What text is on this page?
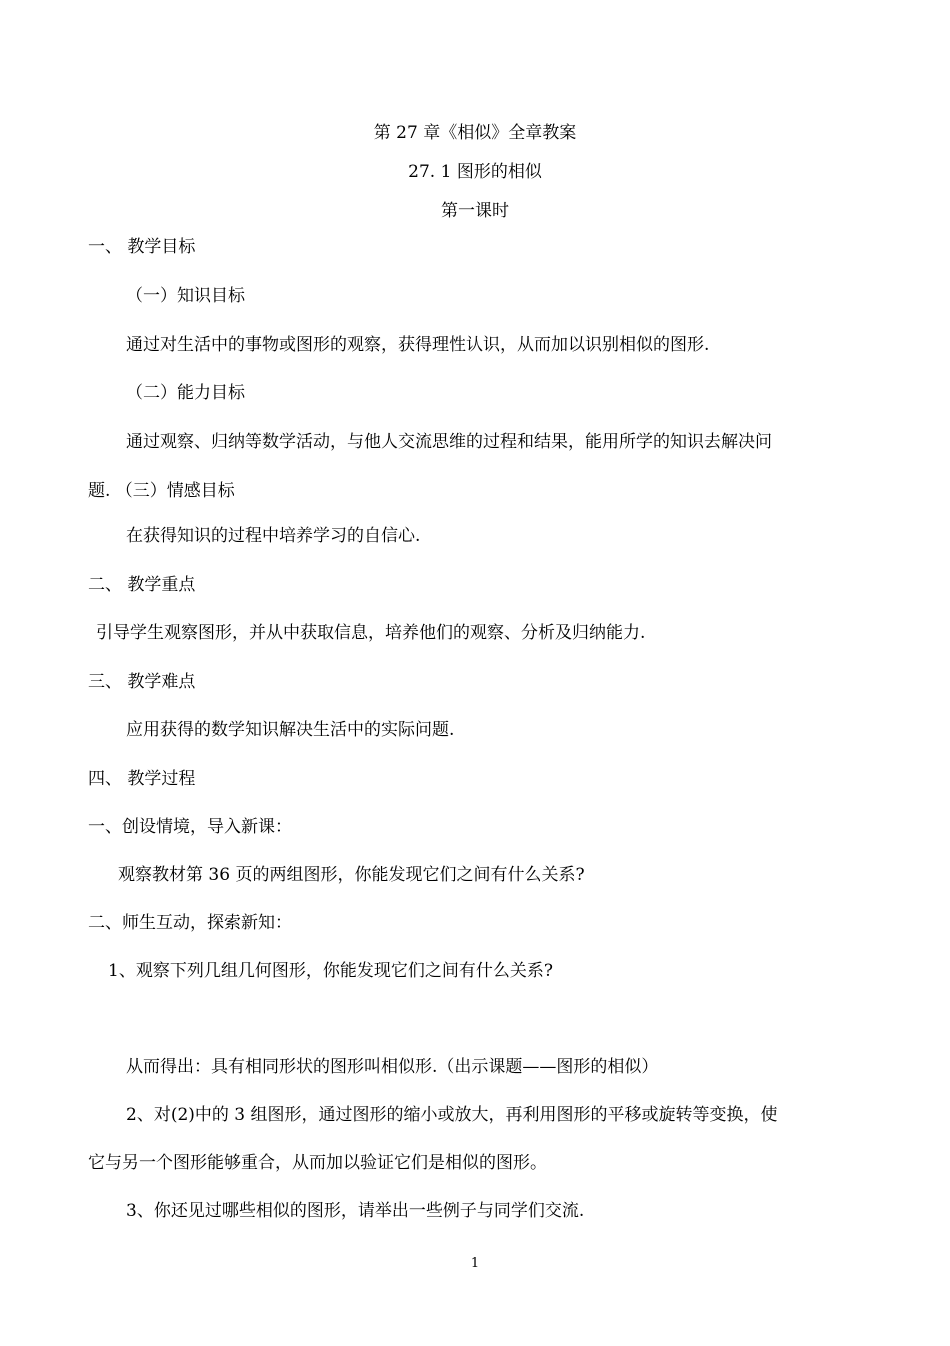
第 27 章《相似》全章教案
27. 1 图形的相似
第一课时
一、 教学目标
（一）知识目标
通过对生活中的事物或图形的观察，获得理性认识，从而加以识别相似的图形.
（二）能力目标
通过观察、归纳等数学活动，与他人交流思维的过程和结果，能用所学的知识去解决问
题. （三）情感目标
在获得知识的过程中培养学习的自信心.
二、 教学重点
引导学生观察图形，并从中获取信息，培养他们的观察、分析及归纳能力.
三、 教学难点
应用获得的数学知识解决生活中的实际问题.
四、 教学过程
一、创设情境，导入新课：
观察教材第 36 页的两组图形，你能发现它们之间有什么关系?
二、师生互动，探索新知：
1、观察下列几组几何图形，你能发现它们之间有什么关系?
从而得出：具有相同形状的图形叫相似形.（出示课题——图形的相似）
2、对(2)中的 3 组图形，通过图形的缩小或放大，再利用图形的平移或旋转等变换，使
它与另一个图形能够重合，从而加以验证它们是相似的图形。
3、你还见过哪些相似的图形，请举出一些例子与同学们交流.
1
